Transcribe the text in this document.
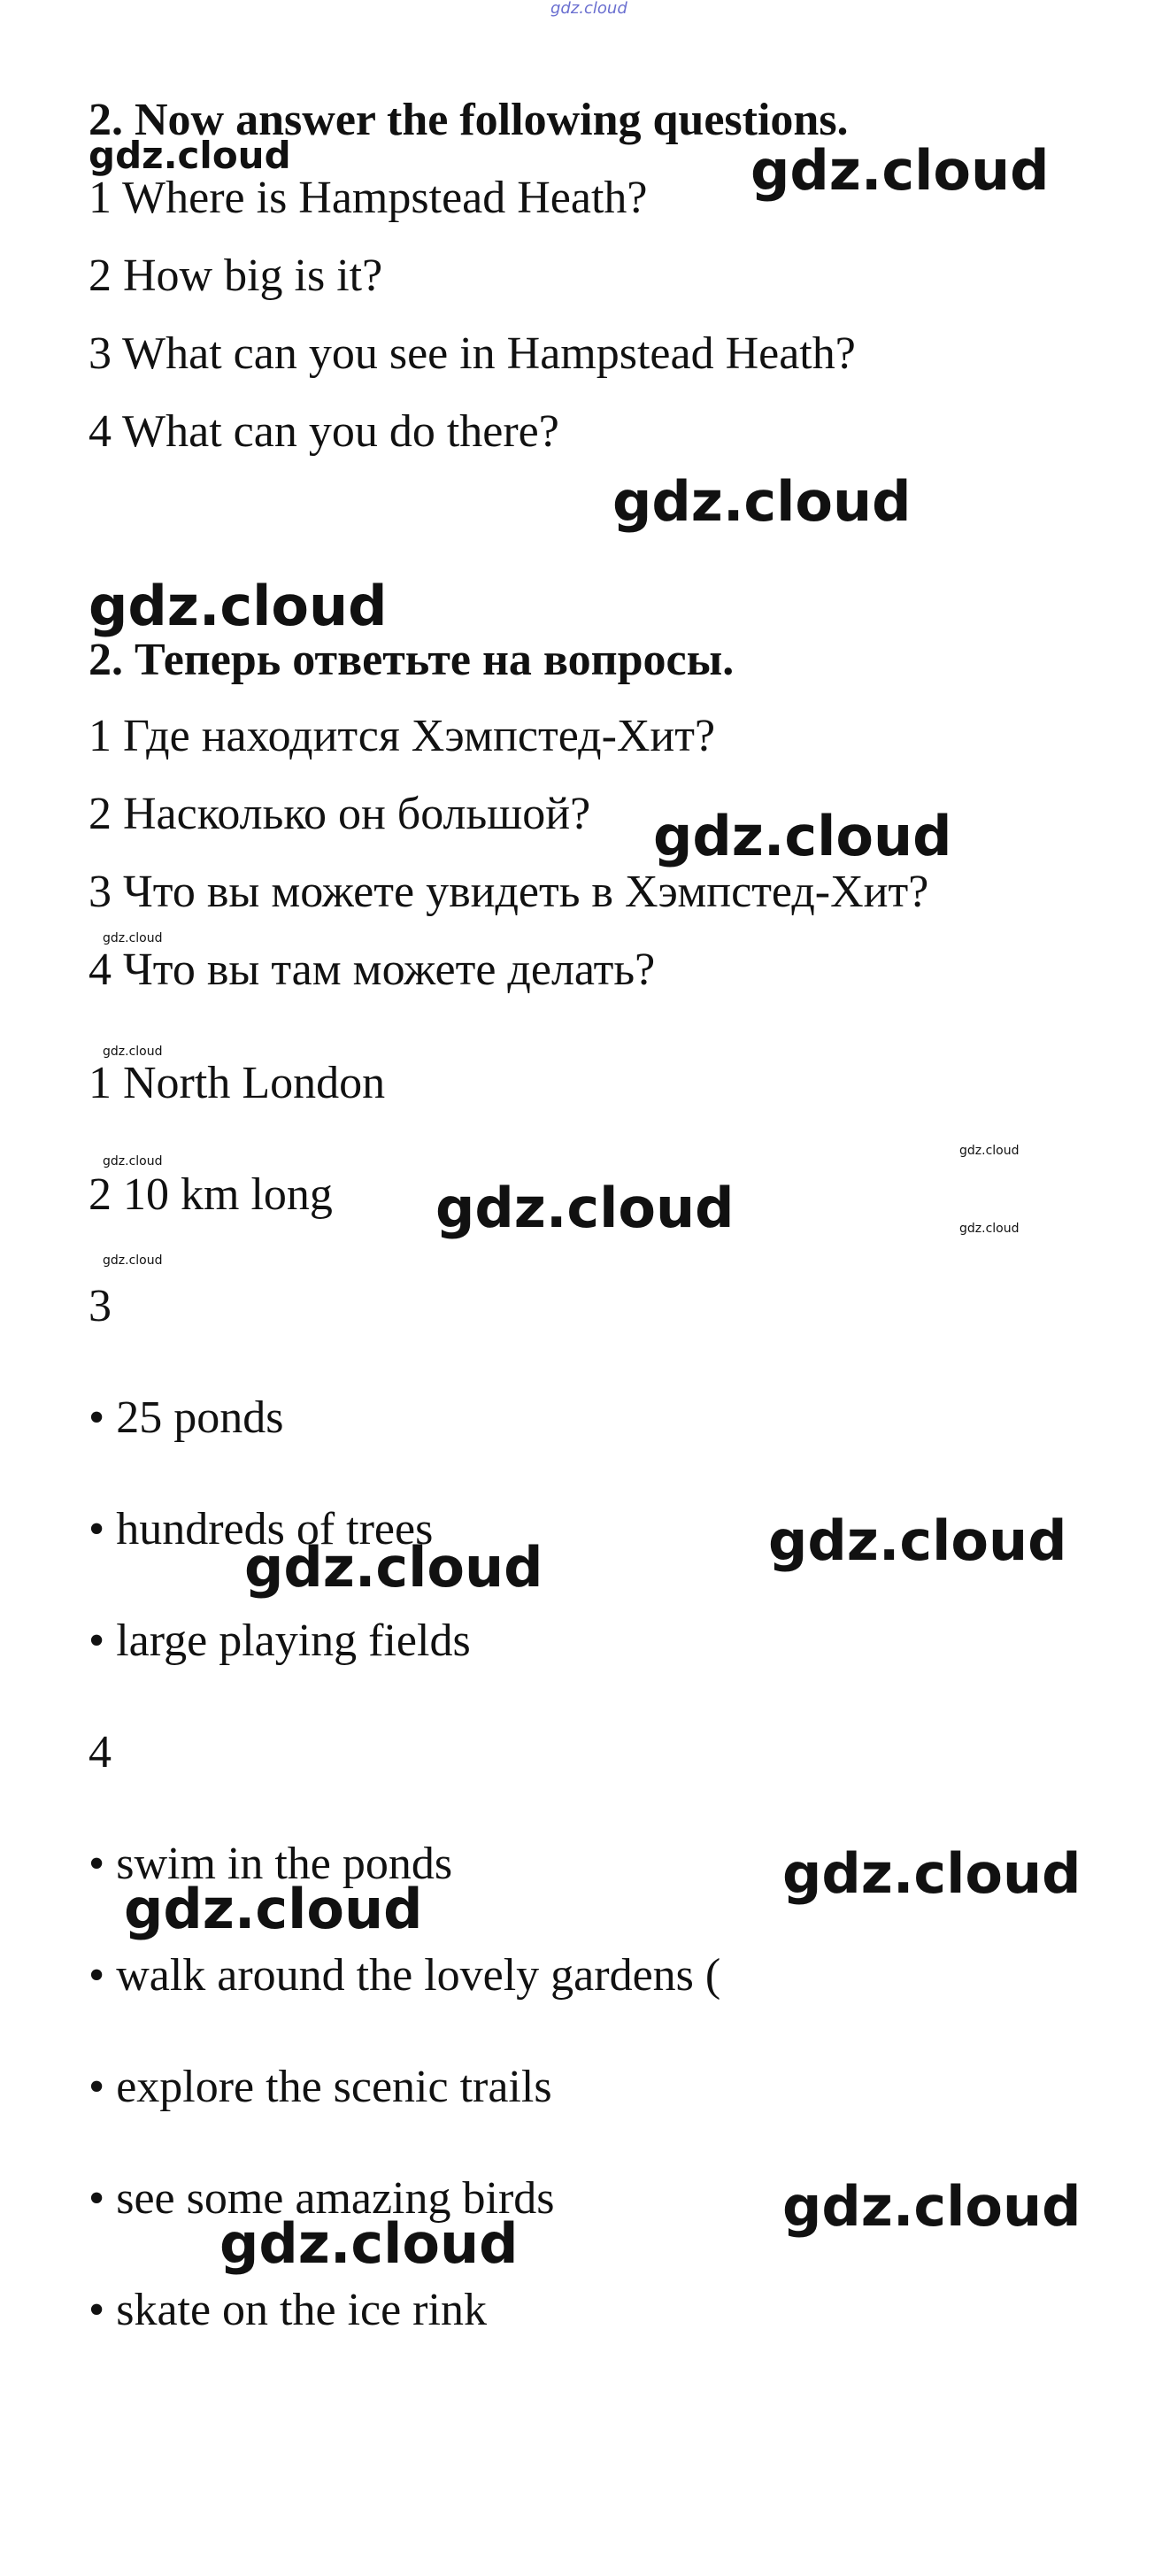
gdz.cloud

2. Now answer the following questions.

1 Where is Hampstead Heath?

2 How big is it?

3 What can you see in Hampstead Heath?

4 What can you do there?

2. Теперь ответьте на вопросы.

1 Где находится Хэмпстед-Хит?

2 Насколько он большой?

3 Что вы можете увидеть в Хэмпстед-Хит?

4 Что вы там можете делать?

1 North London

2 10 km long

3

• 25 ponds

• hundreds of trees

• large playing fields

4

• swim in the ponds

• walk around the lovely gardens (

• explore the scenic trails

• see some amazing birds

• skate on the ice rink

gdz.cloud	gdz.cloud

gdz.cloud

gdz.cloud

gdz.cloud

gdz.cloud

gdz.cloud

gdz.cloud

gdz.cloud

gdz.cloud

gdz.cloud

gdz.cloud

gdz.cloud

gdz.cloud

gdz.cloud

gdz.cloud

gdz.cloud

gdz.cloud
